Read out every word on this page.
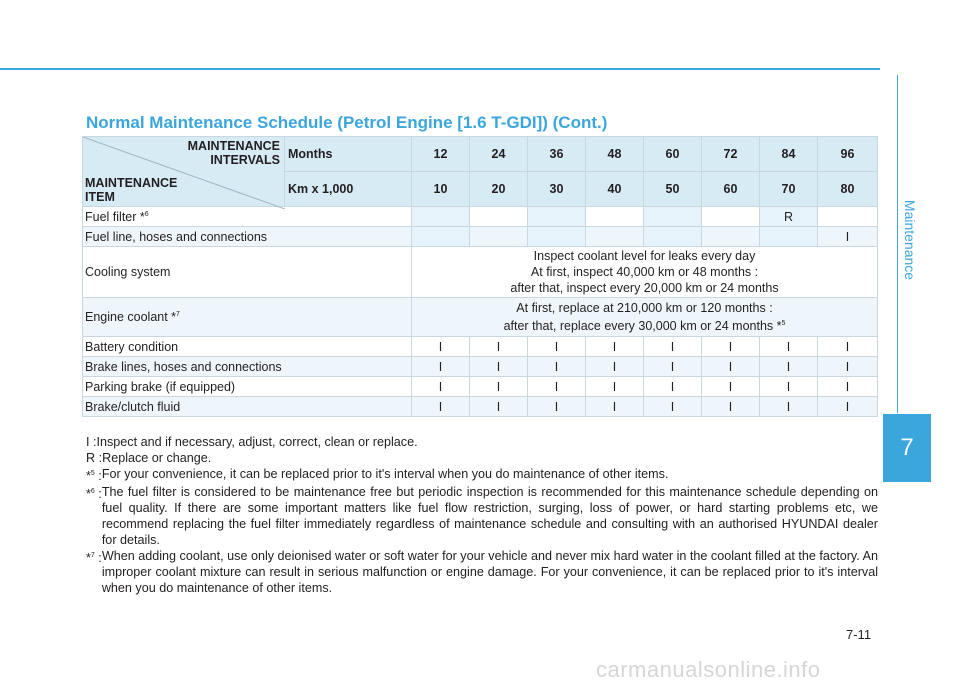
Maintenance
7
Normal Maintenance Schedule (Petrol Engine [1.6 T-GDI]) (Cont.)
MAINTENANCE
INTERVALS
MAINTENANCE
ITEM	Months	12	24	36	48	60	72	84	96
	Km x 1,000	10	20	30	40	50	60	70	80
Fuel filter *$^6$								R	
Fuel line, hoses and connections									I
Cooling system		Inspect coolant level for leaks every day
At first, inspect 40,000 km or 48 months :
after that, inspect every 20,000 km or 24 months							

Engine coolant *$^7$		At first, replace at 210,000 km or 120 months :
after that, replace every 30,000 km or 24 months *$^5$

Battery condition		I	I	I	I	I	I	I	I
Brake lines, hoses and connections		I	I	I	I	I	I	I	I
Parking brake (if equipped)		I	I	I	I	I	I	I	I
Brake/clutch fluid		I	I	I	I	I	I	I	I
I : Inspect and if necessary, adjust, correct, clean or replace.
R : Replace or change.
*$^5$ : For your convenience, it can be replaced prior to it's interval when you do maintenance of other items.
*$^6$ : The fuel filter is considered to be maintenance free but periodic inspection is recommended for this maintenance schedule depending on fuel quality. If there are some important matters like fuel flow restriction, surging, loss of power, or hard starting problems etc, we recommend replacing the fuel filter immediately regardless of maintenance schedule and consulting with an authorised HYUNDAI dealer for details.
*$^7$ : When adding coolant, use only deionised water or soft water for your vehicle and never mix hard water in the coolant filled at the factory. An improper coolant mixture can result in serious malfunction or engine damage. For your convenience, it can be replaced prior to it's interval when you do maintenance of other items.
7-11
carmanualsonline.info
